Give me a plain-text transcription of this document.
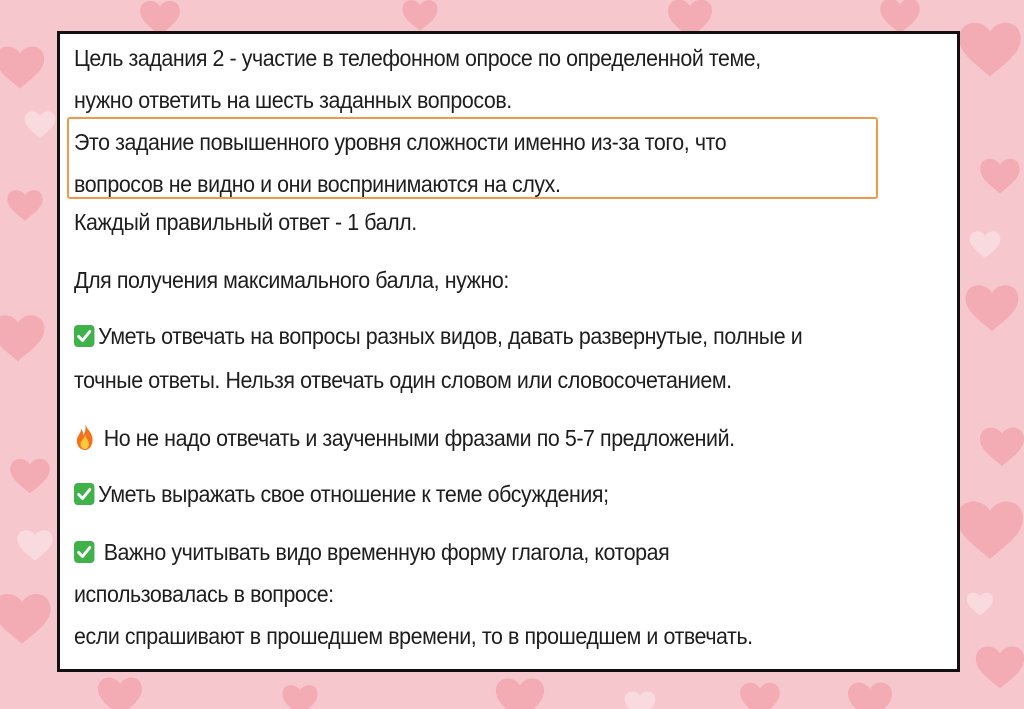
Цель задания 2 - участие в телефонном опросе по определенной теме,
нужно ответить на шесть заданных вопросов.
Это задание повышенного уровня сложности именно из-за того, что
вопросов не видно и они воспринимаются на слух.
Каждый правильный ответ - 1 балл.
Для получения максимального балла, нужно:
Уметь отвечать на вопросы разных видов, давать развернутые, полные и
точные ответы. Нельзя отвечать один словом или словосочетанием.
Но не надо отвечать и заученными фразами по 5-7 предложений.
Уметь выражать свое отношение к теме обсуждения;
Важно учитывать видо временную форму глагола, которая
использовалась в вопросе:
если спрашивают в прошедшем времени, то в прошедшем и отвечать.
